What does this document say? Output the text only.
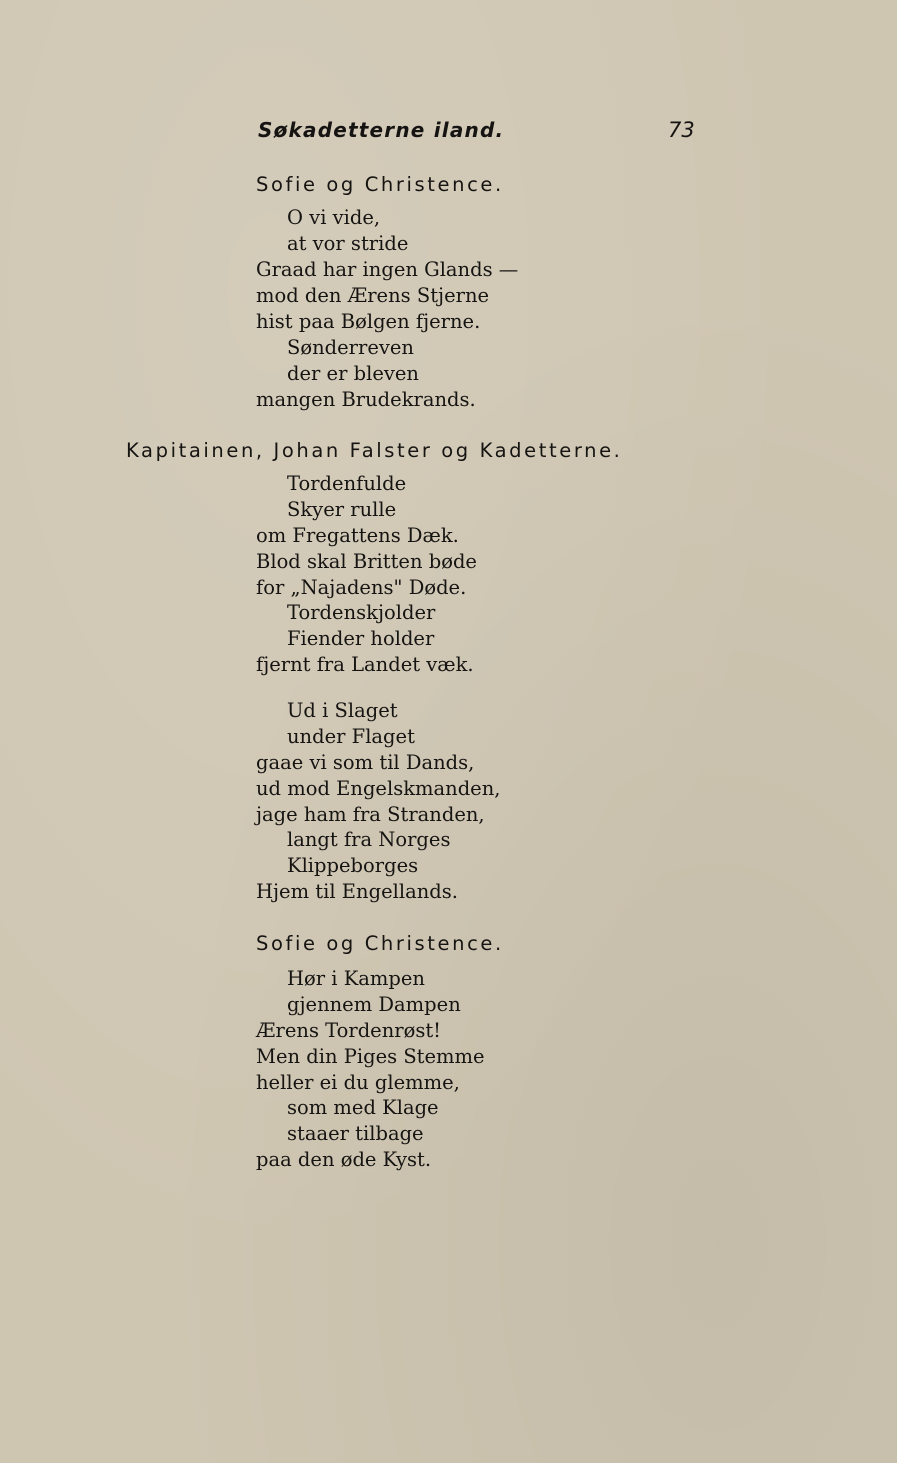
Søkadetterne iland.	73
Sofie og Christence.
O vi vide,
at vor stride
Graad har ingen Glands —
mod den Ærens Stjerne
hist paa Bølgen fjerne.
Sønderreven
der er bleven
mangen Brudekrands.
Kapitainen, Johan Falster og Kadetterne.
Tordenfulde
Skyer rulle
om Fregattens Dæk.
Blod skal Britten bøde
for „Najadens" Døde.
Tordenskjolder
Fiender holder
fjernt fra Landet væk.
Ud i Slaget
under Flaget
gaae vi som til Dands,
ud mod Engelskmanden,
jage ham fra Stranden,
langt fra Norges
Klippeborges
Hjem til Engellands.
Sofie og Christence.
Hør i Kampen
gjennem Dampen
Ærens Tordenrøst!
Men din Piges Stemme
heller ei du glemme,
som med Klage
staaer tilbage
paa den øde Kyst.
